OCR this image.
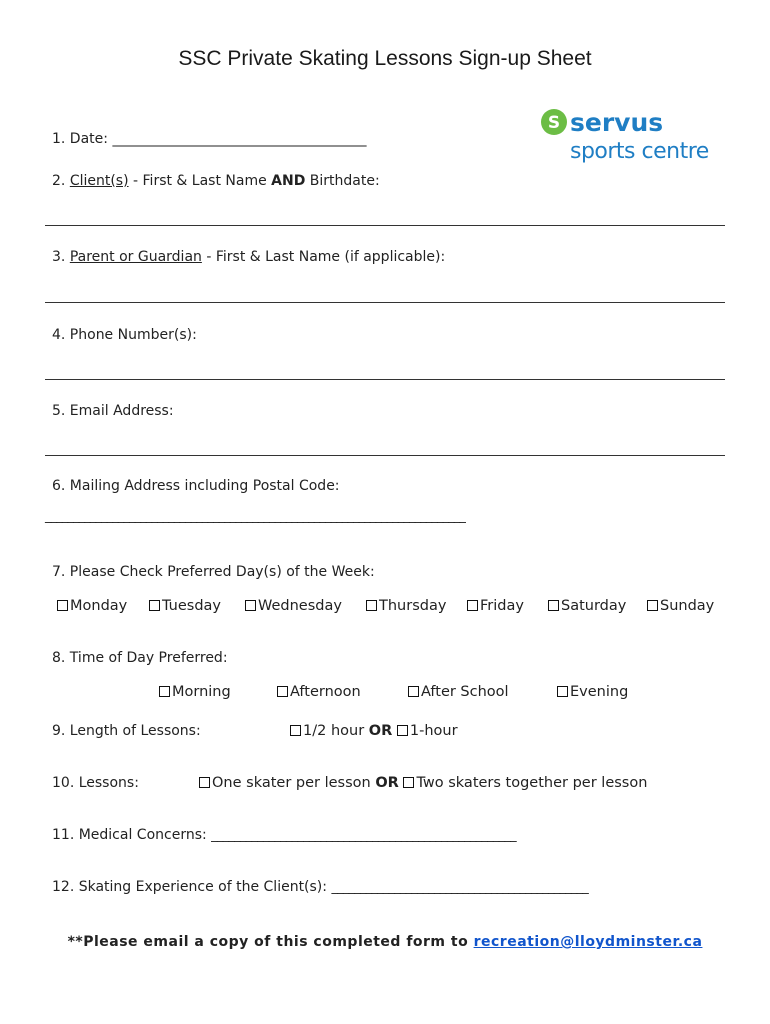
SSC Private Skating Lessons Sign-up Sheet
S servus
sports centre
1. Date: _______________________________________
2. Client(s) - First & Last Name AND Birthdate:
3. Parent or Guardian - First & Last Name (if applicable):
4. Phone Number(s):
5. Email Address:
6. Mailing Address including Postal Code:
___________________________________________________________________________
7. Please Check Preferred Day(s) of the Week:
Monday	Tuesday	Wednesday	Thursday	Friday	Saturday	Sunday
8. Time of Day Preferred:
Morning	Afternoon	After School	Evening
9. Length of Lessons:	1/2 hour OR 1-hour
10. Lessons:	One skater per lesson OR Two skaters together per lesson
11. Medical Concerns: _____________________________________________________
12. Skating Experience of the Client(s): _____________________________________________
**Please email a copy of this completed form to recreation@lloydminster.ca
